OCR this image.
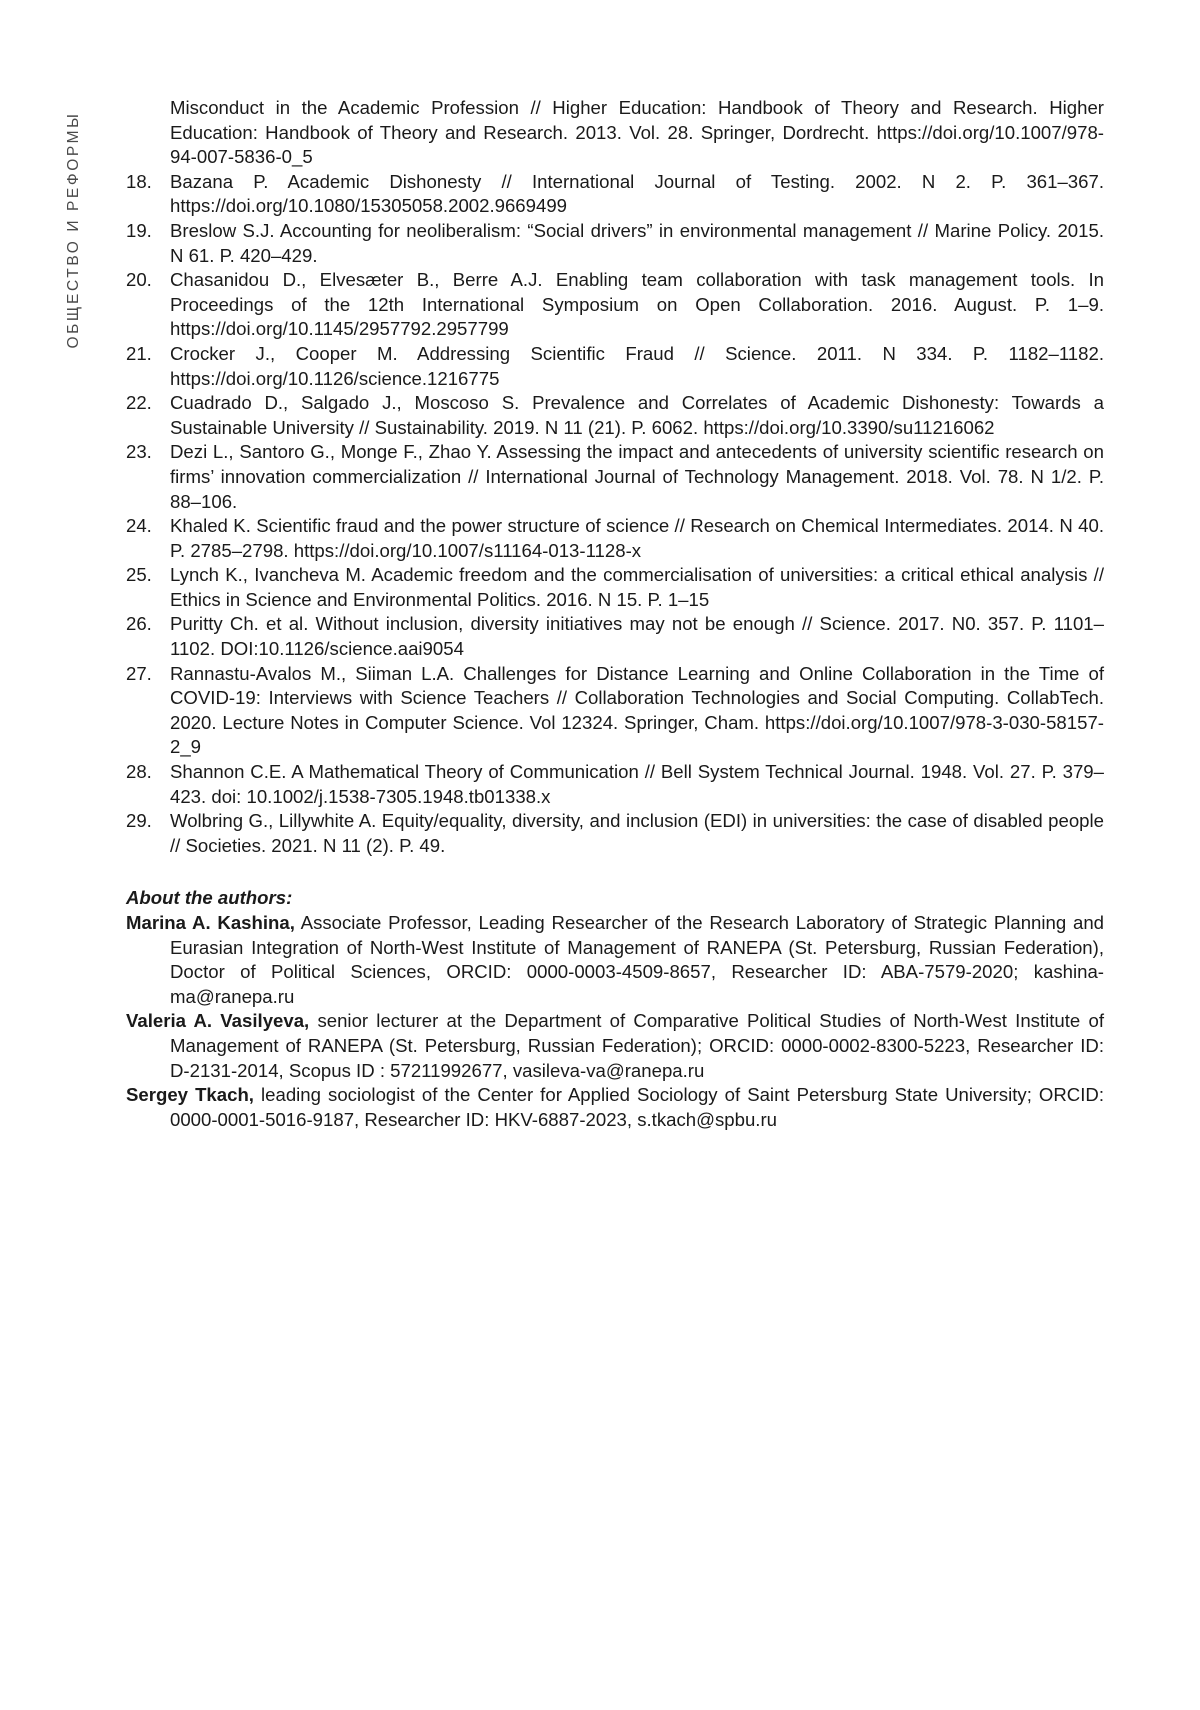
ОБЩЕСТВО И РЕФОРМЫ
Misconduct in the Academic Profession // Higher Education: Handbook of Theory and Research. Higher Education: Handbook of Theory and Research. 2013. Vol. 28. Springer, Dordrecht. https://doi.org/10.1007/978-94-007-5836-0_5
18. Bazana P. Academic Dishonesty // International Journal of Testing. 2002. N 2. P. 361–367. https://doi.org/10.1080/15305058.2002.9669499
19. Breslow S.J. Accounting for neoliberalism: “Social drivers” in environmental management // Marine Policy. 2015. N 61. P. 420–429.
20. Chasanidou D., Elvesæter B., Berre A.J. Enabling team collaboration with task management tools. In Proceedings of the 12th International Symposium on Open Collaboration. 2016. August. P. 1–9. https://doi.org/10.1145/2957792.2957799
21. Crocker J., Cooper M. Addressing Scientific Fraud // Science. 2011. N 334. P. 1182–1182. https://doi.org/10.1126/science.1216775
22. Cuadrado D., Salgado J., Moscoso S. Prevalence and Correlates of Academic Dishonesty: Towards a Sustainable University // Sustainability. 2019. N 11 (21). P. 6062. https://doi.org/10.3390/su11216062
23. Dezi L., Santoro G., Monge F., Zhao Y. Assessing the impact and antecedents of university scientific research on firms’ innovation commercialization // International Journal of Technology Management. 2018. Vol. 78. N 1/2. P. 88–106.
24. Khaled K. Scientific fraud and the power structure of science // Research on Chemical Intermediates. 2014. N 40. P. 2785–2798. https://doi.org/10.1007/s11164-013-1128-x
25. Lynch K., Ivancheva M. Academic freedom and the commercialisation of universities: a critical ethical analysis // Ethics in Science and Environmental Politics. 2016. N 15. P. 1–15
26. Puritty Ch. et al. Without inclusion, diversity initiatives may not be enough // Science. 2017. N0. 357. P. 1101–1102. DOI:10.1126/science.aai9054
27. Rannastu-Avalos M., Siiman L.A. Challenges for Distance Learning and Online Collaboration in the Time of COVID-19: Interviews with Science Teachers // Collaboration Technologies and Social Computing. CollabTech. 2020. Lecture Notes in Computer Science. Vol 12324. Springer, Cham. https://doi.org/10.1007/978-3-030-58157-2_9
28. Shannon C.E. A Mathematical Theory of Communication // Bell System Technical Journal. 1948. Vol. 27. P. 379–423. doi: 10.1002/j.1538-7305.1948.tb01338.x
29. Wolbring G., Lillywhite A. Equity/equality, diversity, and inclusion (EDI) in universities: the case of disabled people // Societies. 2021. N 11 (2). P. 49.
About the authors:
Marina A. Kashina, Associate Professor, Leading Researcher of the Research Laboratory of Strategic Planning and Eurasian Integration of North-West Institute of Management of RANEPA (St. Petersburg, Russian Federation), Doctor of Political Sciences, ORCID: 0000-0003-4509-8657, Researcher ID: ABA-7579-2020; kashina-ma@ranepa.ru
Valeria A. Vasilyeva, senior lecturer at the Department of Comparative Political Studies of North-West Institute of Management of RANEPA (St. Petersburg, Russian Federation); ORCID: 0000-0002-8300-5223, Researcher ID: D-2131-2014, Scopus ID : 57211992677, vasileva-va@ranepa.ru
Sergey Tkach, leading sociologist of the Center for Applied Sociology of Saint Petersburg State University; ORCID: 0000-0001-5016-9187, Researcher ID: HKV-6887-2023, s.tkach@spbu.ru
